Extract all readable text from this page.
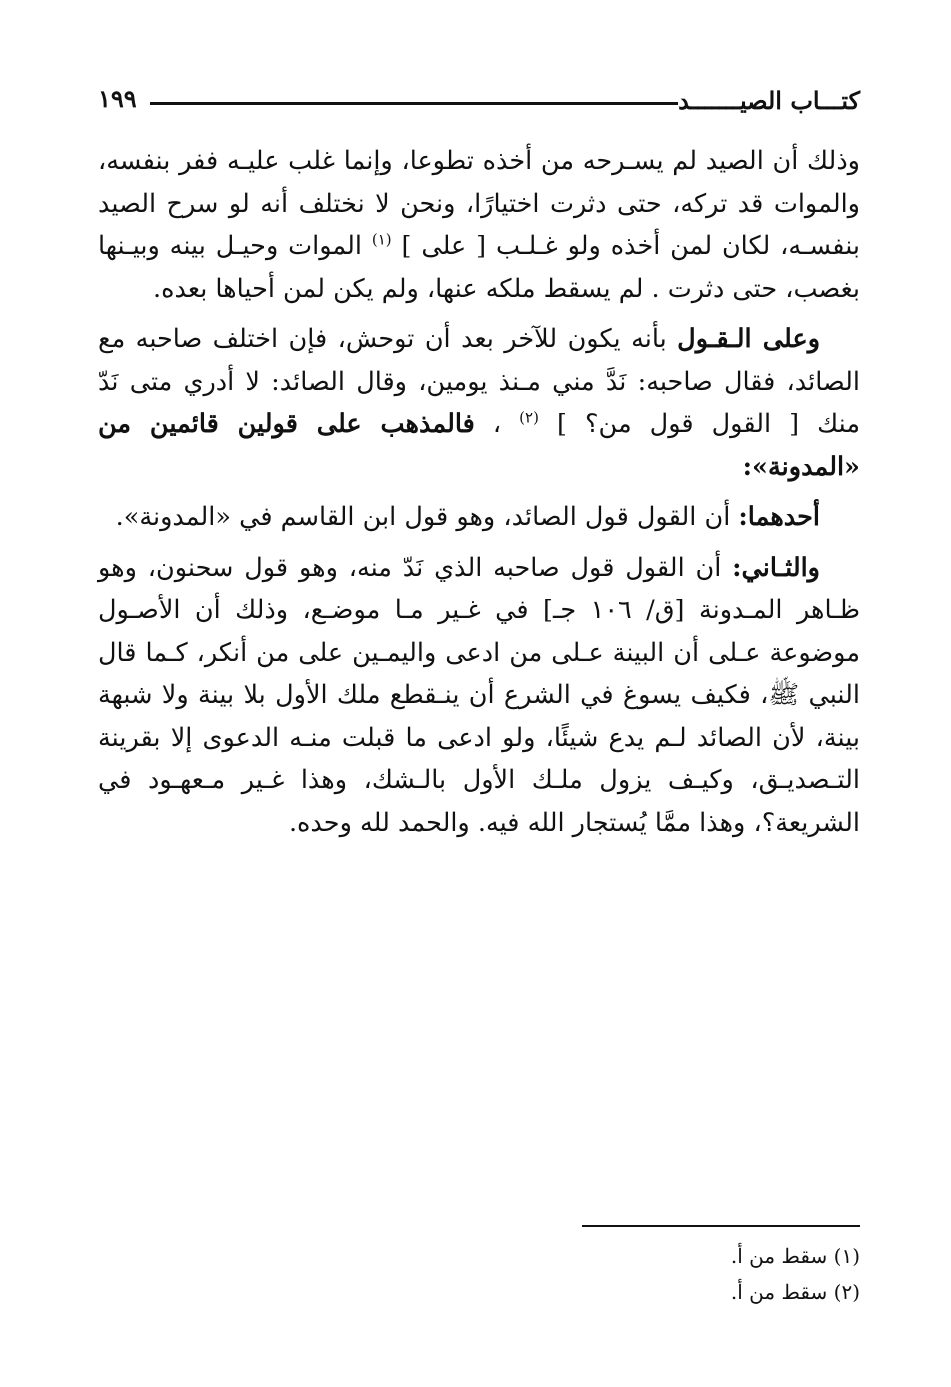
كتـــاب الصيـــــــد
١٩٩

وذلك أن الصيد لم يسـرحه من أخذه تطوعا، وإنما غلب عليـه ففر بنفسه، والموات قد تركه، حتى دثرت اختيارًا، ونحن لا نختلف أنه لو سرح الصيد بنفسـه، لكان لمن أخذه ولو غـلـب [ على ] $^{(١)}$ الموات وحيـل بينه وبيـنها بغصب، حتى دثرت . لم يسقط ملكه عنها، ولم يكن لمن أحياها بعده.

وعلى الـقـول بأنه يكون للآخر بعد أن توحش، فإن اختلف صاحبه مع الصائد، فقال صاحبه: نَدَّ مني مـنذ يومين، وقال الصائد: لا أدري متى نَدّ منك [ القول قول من؟ ] $^{(٢)}$ ، فالمذهب على قولين قائمين من «المدونة»:

أحدهما: أن القول قول الصائد، وهو قول ابن القاسم في «المدونة».

والثـاني: أن القول قول صاحبه الذي نَدّ منه، وهو قول سحنون، وهو ظـاهر المـدونة [ق/ ١٠٦ جـ] في غـير مـا موضـع، وذلك أن الأصـول موضوعة عـلى أن البينة عـلى من ادعى واليمـين على من أنكر، كـما قال النبي ﷺ، فكيف يسوغ في الشرع أن ينـقطع ملك الأول بلا بينة ولا شبهة بينة، لأن الصائد لـم يدع شيئًا، ولو ادعى ما قبلت منـه الدعوى إلا بقرينة التـصديـق، وكيـف يزول ملـك الأول بالـشك، وهذا غـير مـعهـود في الشريعة؟، وهذا ممَّا يُستجار الله فيه. والحمد لله وحده.

(١) سقط من أ.
(٢) سقط من أ.
